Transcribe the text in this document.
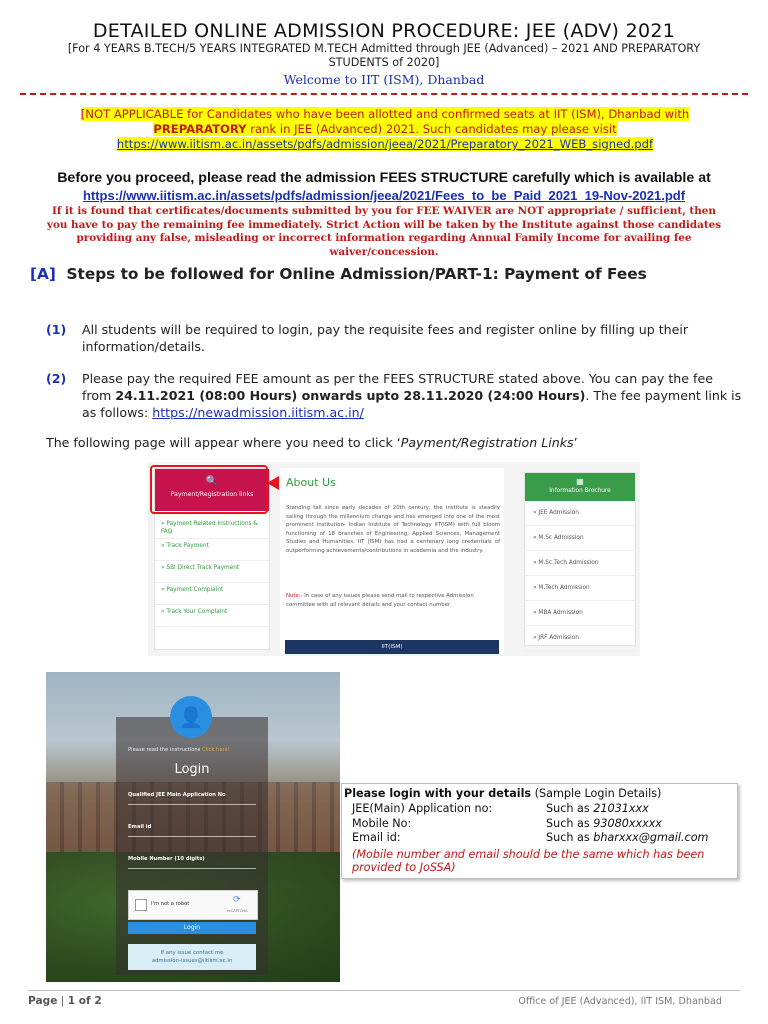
DETAILED ONLINE ADMISSION PROCEDURE: JEE (ADV) 2021
[For 4 YEARS B.TECH/5 YEARS INTEGRATED M.TECH Admitted through JEE (Advanced) – 2021 AND PREPARATORY STUDENTS of 2020]
Welcome to IIT (ISM), Dhanbad
[NOT APPLICABLE for Candidates who have been allotted and confirmed seats at IIT (ISM), Dhanbad with PREPARATORY rank in JEE (Advanced) 2021. Such candidates may please visit
https://www.iitism.ac.in/assets/pdfs/admission/jeea/2021/Preparatory_2021_WEB_signed.pdf
Before you proceed, please read the admission FEES STRUCTURE carefully which is available at
https://www.iitism.ac.in/assets/pdfs/admission/jeea/2021/Fees_to_be_Paid_2021_19-Nov-2021.pdf
If it is found that certificates/documents submitted by you for FEE WAIVER are NOT appropriate / sufficient, then you have to pay the remaining fee immediately. Strict Action will be taken by the Institute against those candidates providing any false, misleading or incorrect information regarding Annual Family Income for availing fee waiver/concession.
[A] Steps to be followed for Online Admission/PART-1: Payment of Fees
(1) All students will be required to login, pay the requisite fees and register online by filling up their information/details.
(2) Please pay the required FEE amount as per the FEES STRUCTURE stated above. You can pay the fee from 24.11.2021 (08:00 Hours) onwards upto 28.11.2020 (24:00 Hours). The fee payment link is as follows: https://newadmission.iitism.ac.in/
The following page will appear where you need to click ‘Payment/Registration Links’
🔍
Payment/Registration links
» Payment Related Instructions & FAQ
» Track Payment
» SBI Direct Track Payment
» Payment Complaint
» Track Your Complaint
About Us
Standing tall since early decades of 20th century, the institute is steadily sailing through the millennium change and has emerged into one of the most prominent institution- Indian Institute of Technology IIT(ISM) with full bloom functioning of 18 branches of Engineering, Applied Sciences, Management Studies and Humanities. IIT (ISM) has had a centenary long credentials of outperforming achievements/contributions in academia and the industry.
Note:- In case of any issues please send mail to respective Admission committee with all relevant details and your contact number.
IIT(ISM)
▦
Information Brochure
» JEE Admission
» M.Sc Admission
» M.Sc.Tech Admission
» M.Tech Admission
» MBA Admission
» JRF Admission
👤
Please read the instructions Click here!
Login
Qualified JEE Main Application No
Email id
Mobile Number (10 digits)
I'm not a robot	⟳
reCAPTCHA
Login
If any issue contact me
admission-issues@iitism.ac.in
Please login with your details (Sample Login Details)
JEE(Main) Application no:	Such as 21031xxx
Mobile No:	Such as 93080xxxxx
Email id:	Such as bharxxx@gmail.com
(Mobile number and email should be the same which has been provided to JoSSA)
Page | 1 of 2	Office of JEE (Advanced), IIT ISM, Dhanbad
